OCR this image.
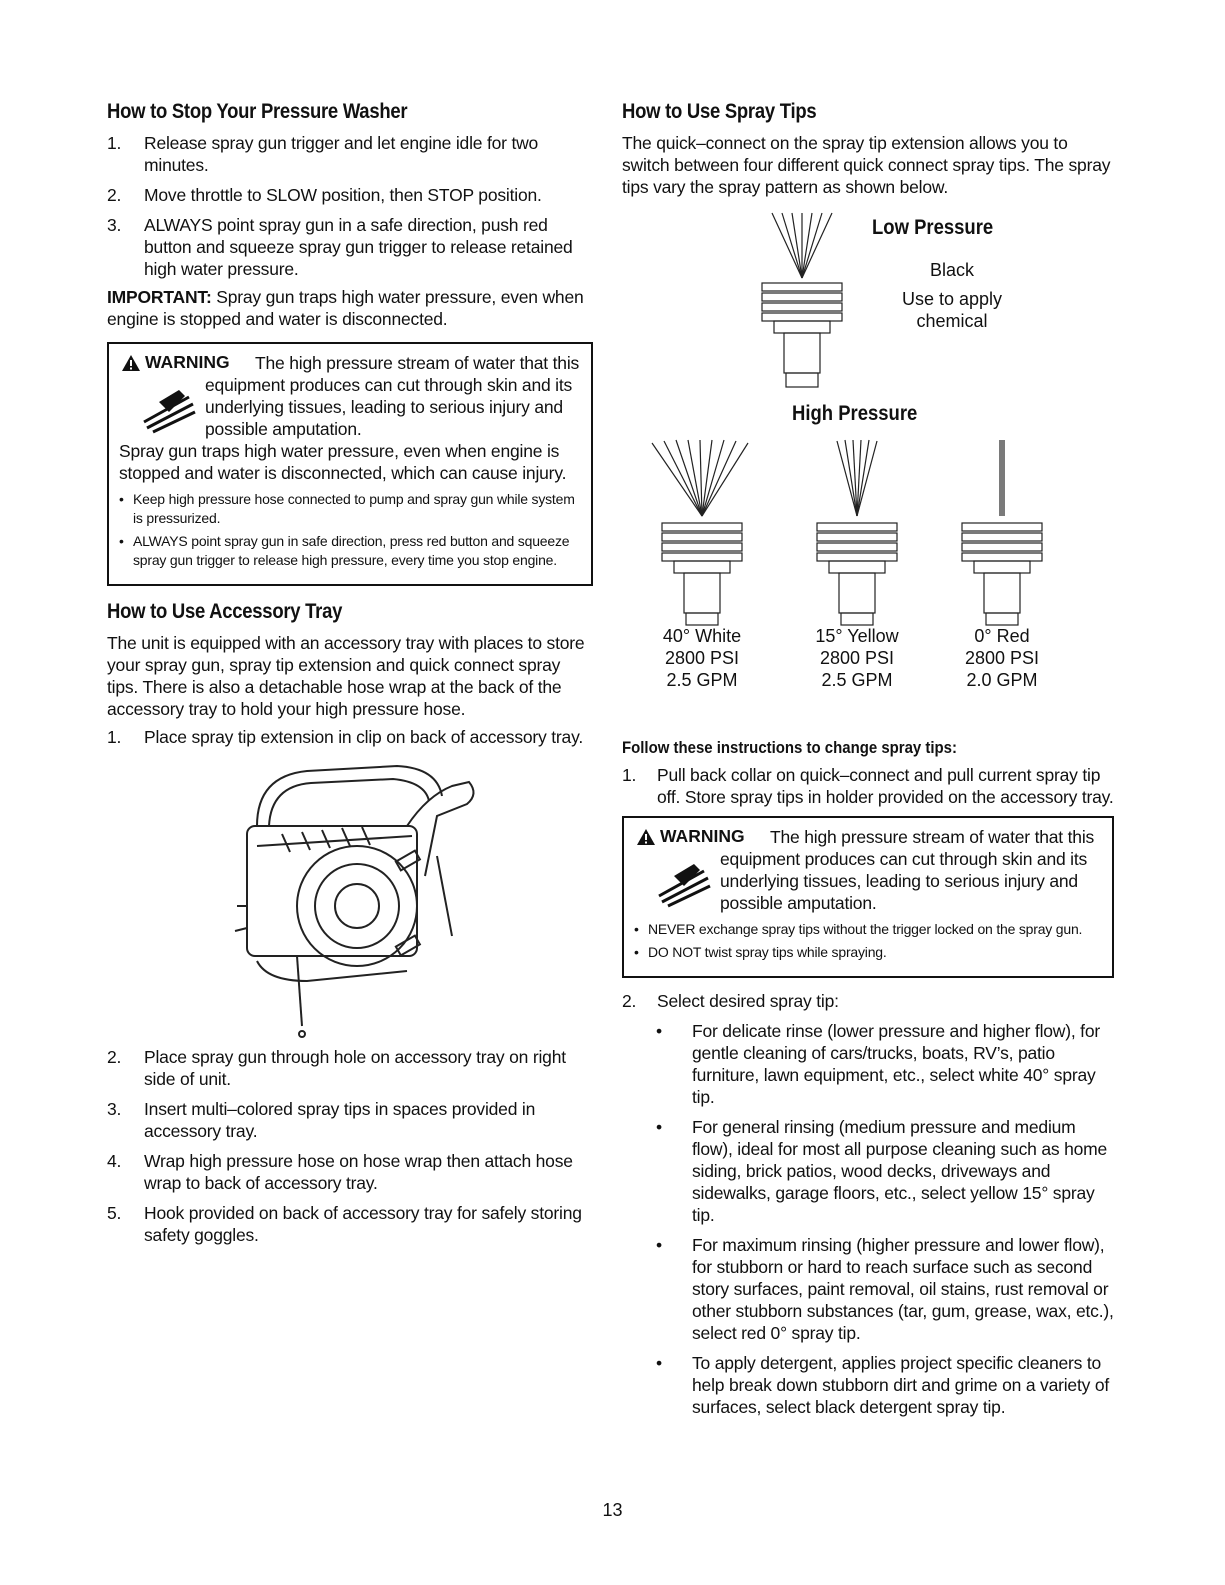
How to Stop Your Pressure Washer
1. Release spray gun trigger and let engine idle for two minutes.
2. Move throttle to SLOW position, then STOP position.
3. ALWAYS point spray gun in a safe direction, push red button and squeeze spray gun trigger to release retained high water pressure.

IMPORTANT: Spray gun traps high water pressure, even when engine is stopped and water is disconnected.

WARNING	The high pressure stream of water that this equipment produces can cut through skin and its underlying tissues, leading to serious injury and possible amputation.

Spray gun traps high water pressure, even when engine is stopped and water is disconnected, which can cause injury.

• Keep high pressure hose connected to pump and spray gun while system is pressurized.
• ALWAYS point spray gun in safe direction, press red button and squeeze spray gun trigger to release high pressure, every time you stop engine.
How to Use Accessory Tray

The unit is equipped with an accessory tray with places to store your spray gun, spray tip extension and quick connect spray tips. There is also a detachable hose wrap at the back of the accessory tray to hold your high pressure hose.

1. Place spray tip extension in clip on back of accessory tray.
2. Place spray gun through hole on accessory tray on right side of unit.
3. Insert multi–colored spray tips in spaces provided in accessory tray.
4. Wrap high pressure hose on hose wrap then attach hose wrap to back of accessory tray.
5. Hook provided on back of accessory tray for safely storing safety goggles.
How to Use Spray Tips

The quick–connect on the spray tip extension allows you to switch between four different quick connect spray tips. The spray tips vary the spray pattern as shown below.

Low Pressure
Black
Use to apply chemical
High Pressure
40° White
2800 PSI
2.5 GPM
15° Yellow
2800 PSI
2.5 GPM
0° Red
2800 PSI
2.0 GPM
Follow these instructions to change spray tips:
1. Pull back collar on quick–connect and pull current spray tip off. Store spray tips in holder provided on the accessory tray.
WARNING	The high pressure stream of water that this equipment produces can cut through skin and its underlying tissues, leading to serious injury and possible amputation.

• NEVER exchange spray tips without the trigger locked on the spray gun.
• DO NOT twist spray tips while spraying.
2. Select desired spray tip:
• For delicate rinse (lower pressure and higher flow), for gentle cleaning of cars/trucks, boats, RV’s, patio furniture, lawn equipment, etc., select white 40° spray tip.
• For general rinsing (medium pressure and medium flow), ideal for most all purpose cleaning such as home siding, brick patios, wood decks, driveways and sidewalks, garage floors, etc., select yellow 15° spray tip.
• For maximum rinsing (higher pressure and lower flow), for stubborn or hard to reach surface such as second story surfaces, paint removal, oil stains, rust removal or other stubborn substances (tar, gum, grease, wax, etc.), select red 0° spray tip.
• To apply detergent, applies project specific cleaners to help break down stubborn dirt and grime on a variety of surfaces, select black detergent spray tip.
13
